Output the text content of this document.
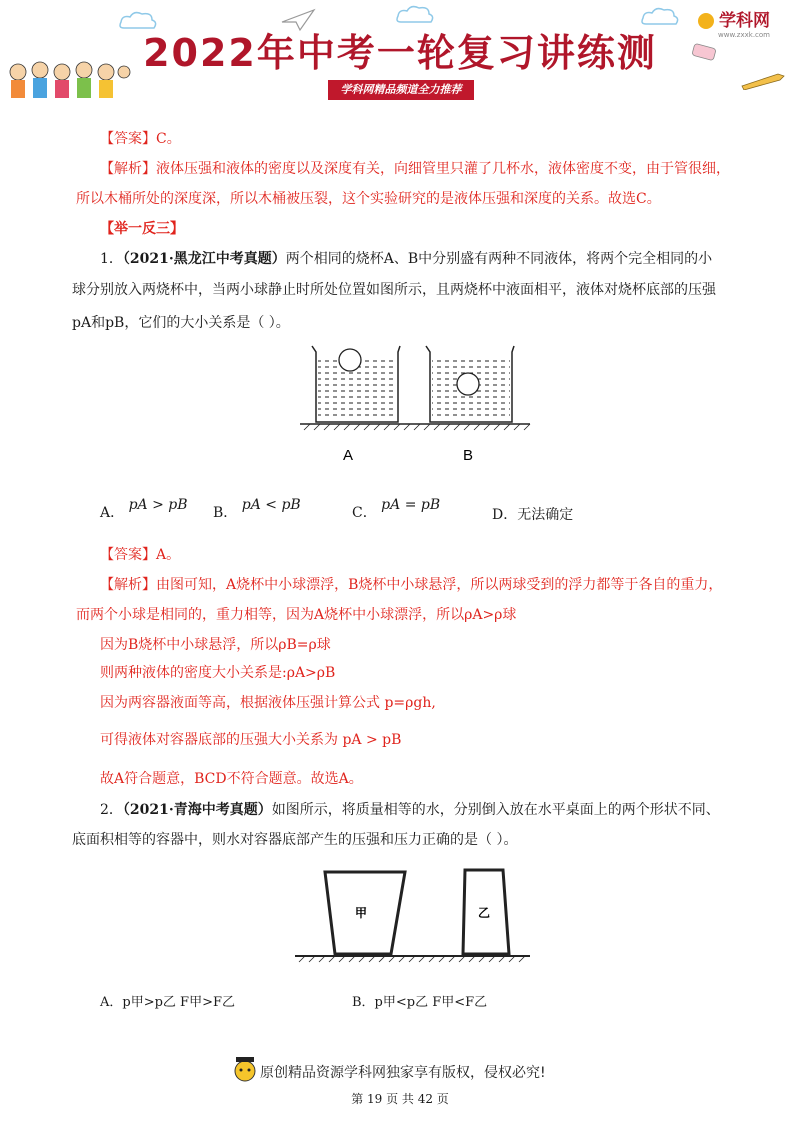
2022年中考一轮复习讲练测
学科网精品频道全力推荐
学科网
www.zxxk.com
【答案】C。
【解析】液体压强和液体的密度以及深度有关，向细管里只灌了几杯水，液体密度不变，由于管很细，
所以木桶所处的深度深，所以木桶被压裂，这个实验研究的是液体压强和深度的关系。故选C。
【举一反三】
1．（2021·黑龙江中考真题）两个相同的烧杯A、B中分别盛有两种不同液体，将两个完全相同的小
球分别放入两烧杯中，当两小球静止时所处位置如图所示，且两烧杯中液面相平，液体对烧杯底部的压强
pA和pB，它们的大小关系是（ ）。
A	B
A． pA > pB	B． pA < pB	C． pA = pB
D．无法确定
【答案】A。
【解析】由图可知，A烧杯中小球漂浮，B烧杯中小球悬浮，所以两球受到的浮力都等于各自的重力，
而两个小球是相同的，重力相等，因为A烧杯中小球漂浮，所以ρA>ρ球
因为B烧杯中小球悬浮，所以ρB=ρ球
则两种液体的密度大小关系是:ρA>ρB
因为两容器液面等高，根据液体压强计算公式 p=ρgh,
可得液体对容器底部的压强大小关系为 pA > pB
故A符合题意，BCD不符合题意。故选A。
2．（2021·青海中考真题）如图所示，将质量相等的水，分别倒入放在水平桌面上的两个形状不同、
底面积相等的容器中，则水对容器底部产生的压强和压力正确的是（ ）。
甲	乙
A．p甲>p乙 F甲>F乙	B．p甲<p乙 F甲<F乙
原创精品资源学科网独家享有版权，侵权必究!
第 19 页 共 42 页
